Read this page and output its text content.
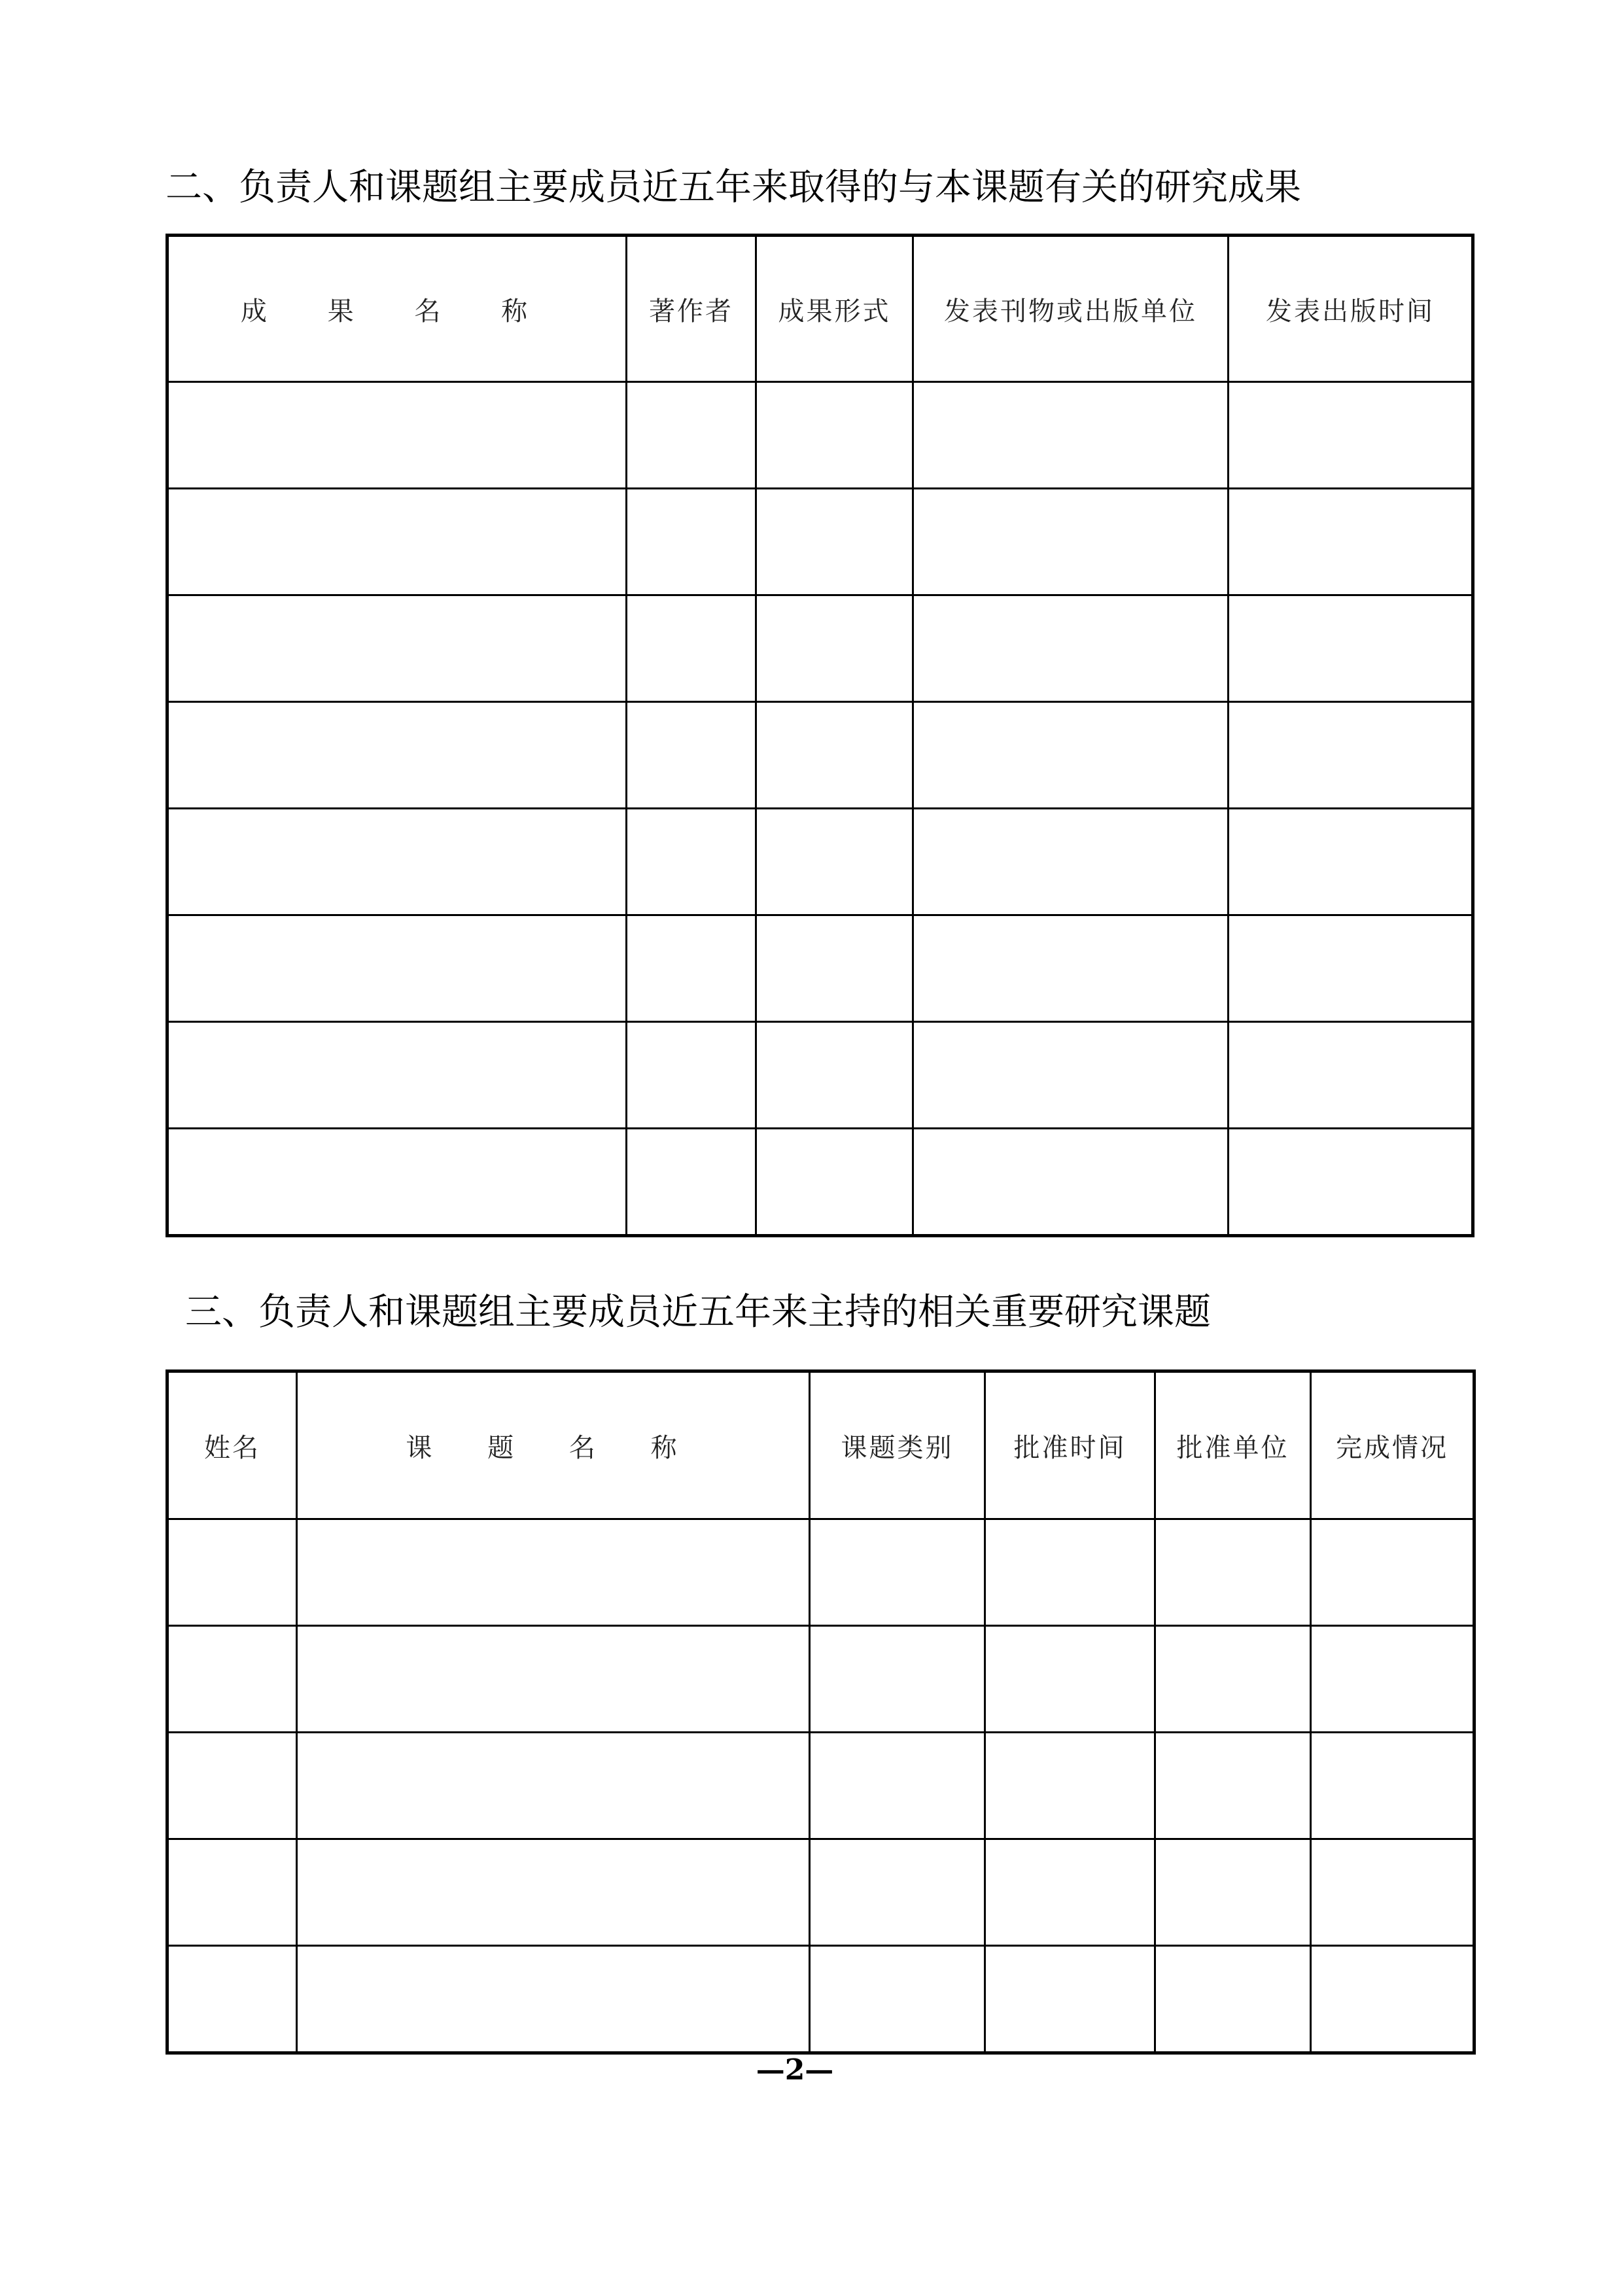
二、负责人和课题组主要成员近五年来取得的与本课题有关的研究成果
成 果 名 称	著作者	成果形式	发表刊物或出版单位	发表出版时间

三、负责人和课题组主要成员近五年来主持的相关重要研究课题
姓名	课 题 名 称	课题类别	批准时间	批准单位	完成情况

—2—
